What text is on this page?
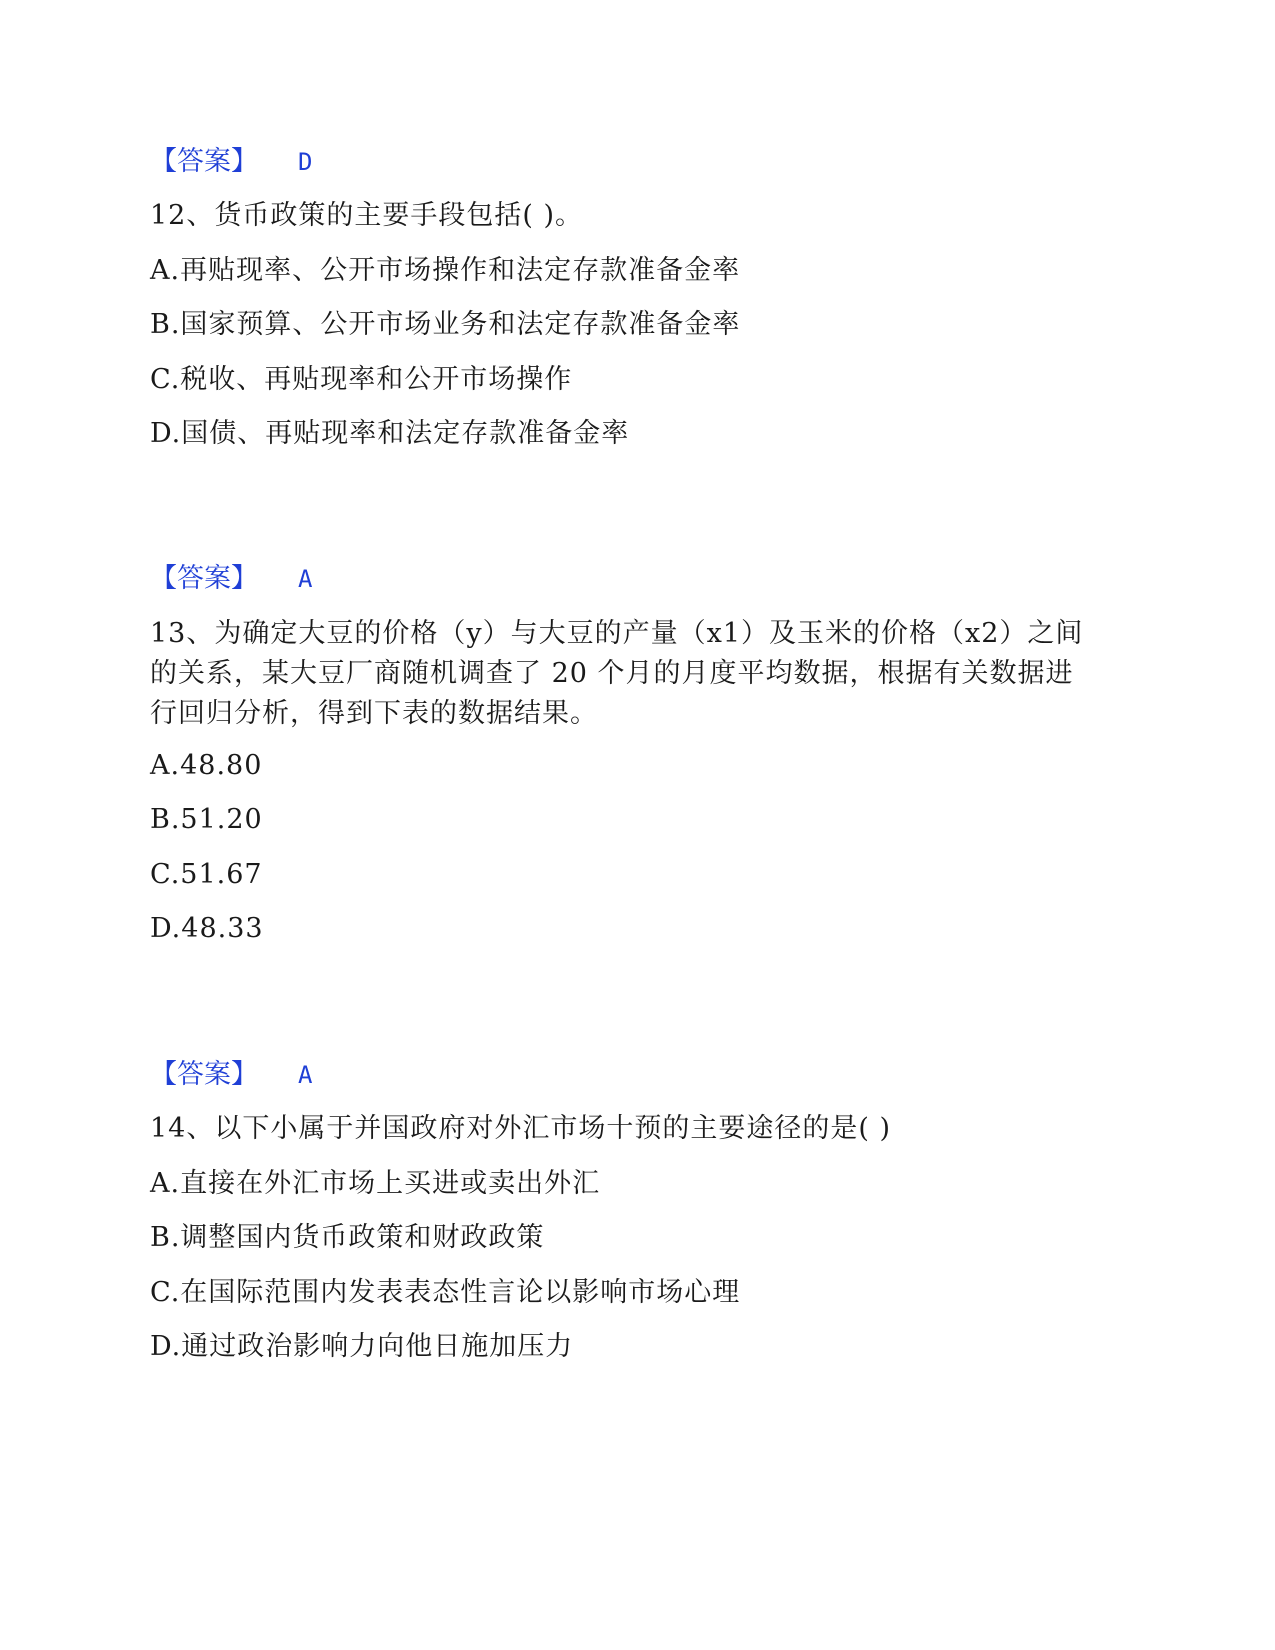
【答案】 D
12、货币政策的主要手段包括( )。
A.再贴现率、公开市场操作和法定存款准备金率
B.国家预算、公开市场业务和法定存款准备金率
C.税收、再贴现率和公开市场操作
D.国债、再贴现率和法定存款准备金率
【答案】 A
13、为确定大豆的价格（y）与大豆的产量（x1）及玉米的价格（x2）之间
的关系，某大豆厂商随机调查了 20 个月的月度平均数据，根据有关数据进
行回归分析，得到下表的数据结果。
A.48.80
B.51.20
C.51.67
D.48.33
【答案】 A
14、以下小属于并国政府对外汇市场十预的主要途径的是( )
A.直接在外汇市场上买进或卖出外汇
B.调整国内货币政策和财政政策
C.在国际范围内发表表态性言论以影响市场心理
D.通过政治影响力向他日施加压力
